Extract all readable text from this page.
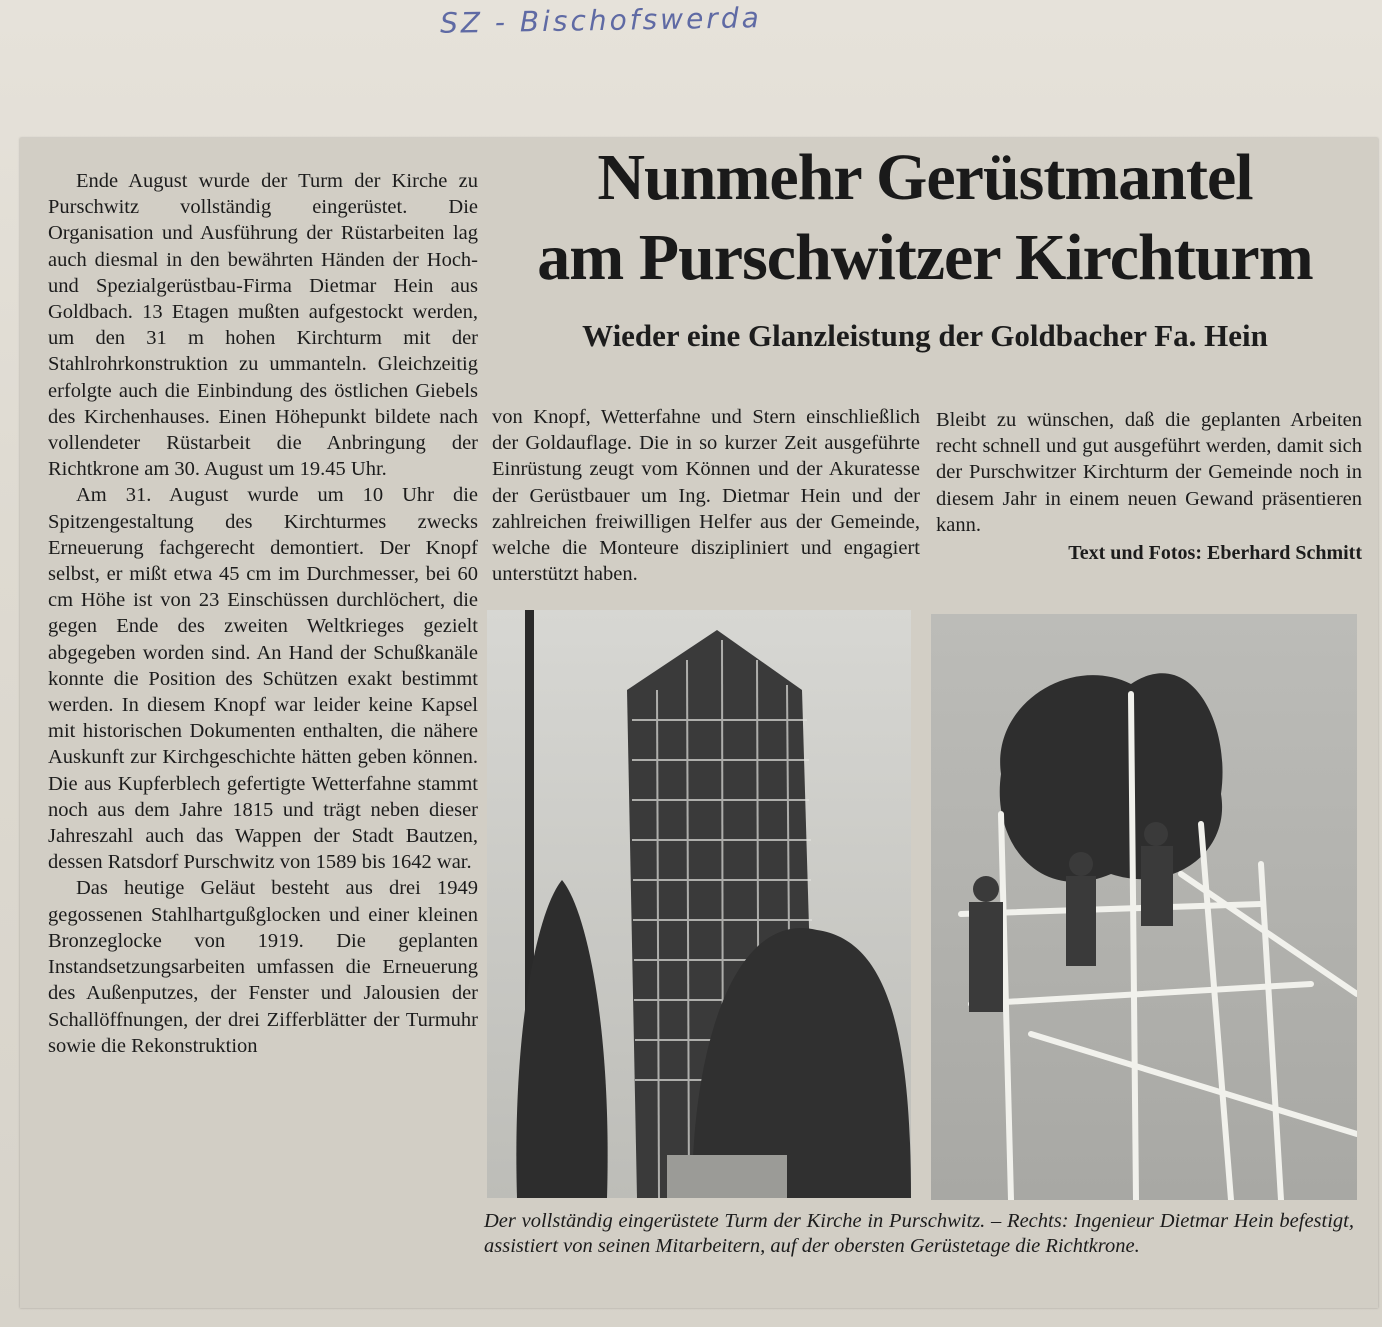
SZ - Bischofswerda
Nunmehr Gerüstmantel
am Purschwitzer Kirchturm
Wieder eine Glanzleistung der Goldbacher Fa. Hein

Ende August wurde der Turm der Kirche zu Purschwitz vollständig eingerüstet. Die Organisation und Ausführung der Rüstarbeiten lag auch diesmal in den bewährten Händen der Hoch- und Spezialgerüstbau-Firma Dietmar Hein aus Goldbach. 13 Etagen mußten aufgestockt werden, um den 31 m hohen Kirchturm mit der Stahlrohrkonstruktion zu ummanteln. Gleichzeitig erfolgte auch die Einbindung des östlichen Giebels des Kirchenhauses. Einen Höhepunkt bildete nach vollendeter Rüstarbeit die Anbringung der Richtkrone am 30. August um 19.45 Uhr.

Am 31. August wurde um 10 Uhr die Spitzengestaltung des Kirchturmes zwecks Erneuerung fachgerecht demontiert. Der Knopf selbst, er mißt etwa 45 cm im Durchmesser, bei 60 cm Höhe ist von 23 Einschüssen durchlöchert, die gegen Ende des zweiten Weltkrieges gezielt abgegeben worden sind. An Hand der Schußkanäle konnte die Position des Schützen exakt bestimmt werden. In diesem Knopf war leider keine Kapsel mit historischen Dokumenten enthalten, die nähere Auskunft zur Kirchgeschichte hätten geben können. Die aus Kupferblech gefertigte Wetterfahne stammt noch aus dem Jahre 1815 und trägt neben dieser Jahreszahl auch das Wappen der Stadt Bautzen, dessen Ratsdorf Purschwitz von 1589 bis 1642 war.

Das heutige Geläut besteht aus drei 1949 gegossenen Stahlhartgußglocken und einer kleinen Bronzeglocke von 1919. Die geplanten Instandsetzungsarbeiten umfassen die Erneuerung des Außenputzes, der Fenster und Jalousien der Schallöffnungen, der drei Zifferblätter der Turmuhr sowie die Rekonstruktion

von Knopf, Wetterfahne und Stern einschließlich der Goldauflage. Die in so kurzer Zeit ausgeführte Einrüstung zeugt vom Können und der Akuratesse der Gerüstbauer um Ing. Dietmar Hein und der zahlreichen freiwilligen Helfer aus der Gemeinde, welche die Monteure diszipliniert und engagiert unterstützt haben.

Bleibt zu wünschen, daß die geplanten Arbeiten recht schnell und gut ausgeführt werden, damit sich der Purschwitzer Kirchturm der Gemeinde noch in diesem Jahr in einem neuen Gewand präsentieren kann.

Text und Fotos: Eberhard Schmitt
Der vollständig eingerüstete Turm der Kirche in Purschwitz. – Rechts: Ingenieur Dietmar Hein befestigt, assistiert von seinen Mitarbeitern, auf der obersten Gerüstetage die Richtkrone.
